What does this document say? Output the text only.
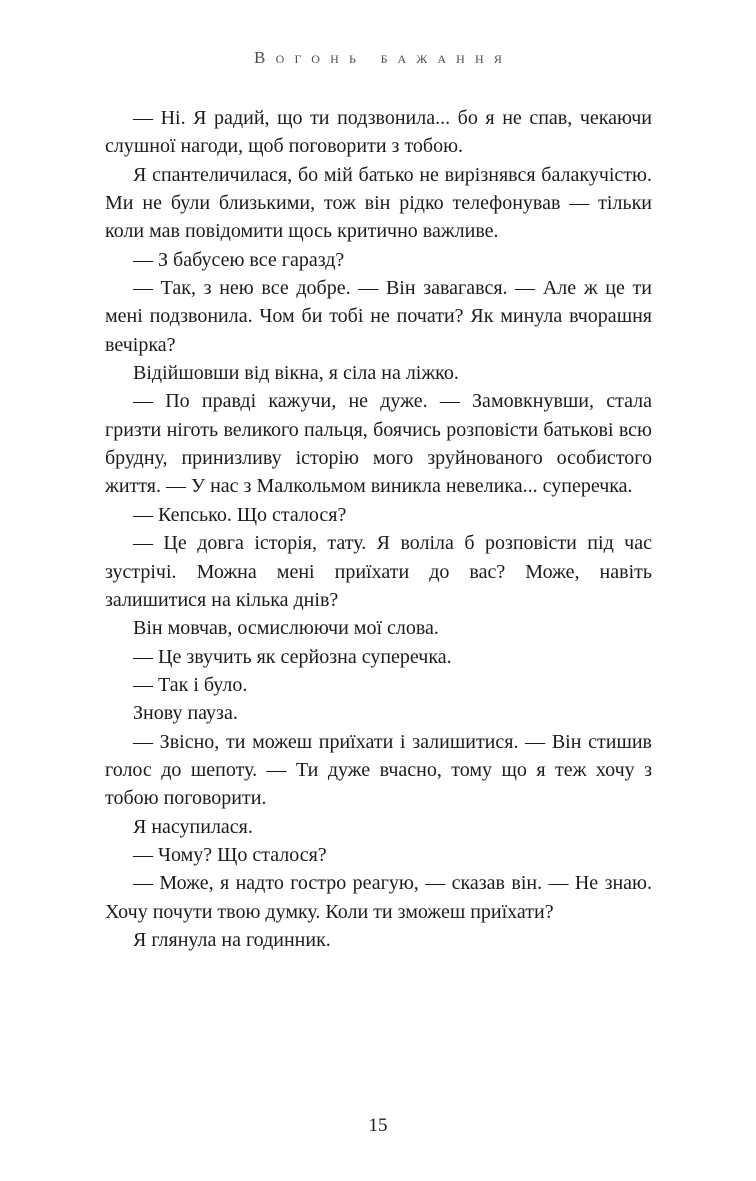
Вогонь бажання

— Ні. Я радий, що ти подзвонила... бо я не спав, чекаючи слушної нагоди, щоб поговорити з тобою.

Я спантеличилася, бо мій батько не вирізнявся балакучістю. Ми не були близькими, тож він рідко телефонував — тільки коли мав повідомити щось критично важливе.

— З бабусею все гаразд?

— Так, з нею все добре. — Він завагався. — Але ж це ти мені подзвонила. Чом би тобі не почати? Як минула вчорашня вечірка?

Відійшовши від вікна, я сіла на ліжко.

— По правді кажучи, не дуже. — Замовкнувши, стала гризти ніготь великого пальця, боячись розповісти батькові всю брудну, принизливу історію мого зруйнованого особистого життя. — У нас з Малкольмом виникла невелика... суперечка.

— Кепсько. Що сталося?

— Це довга історія, тату. Я воліла б розповісти під час зустрічі. Можна мені приїхати до вас? Може, навіть залишитися на кілька днів?

Він мовчав, осмислюючи мої слова.

— Це звучить як серйозна суперечка.

— Так і було.

Знову пауза.

— Звісно, ти можеш приїхати і залишитися. — Він стишив голос до шепоту. — Ти дуже вчасно, тому що я теж хочу з тобою поговорити.

Я насупилася.

— Чому? Що сталося?

— Може, я надто гостро реагую, — сказав він. — Не знаю. Хочу почути твою думку. Коли ти зможеш приїхати?

Я глянула на годинник.

15
